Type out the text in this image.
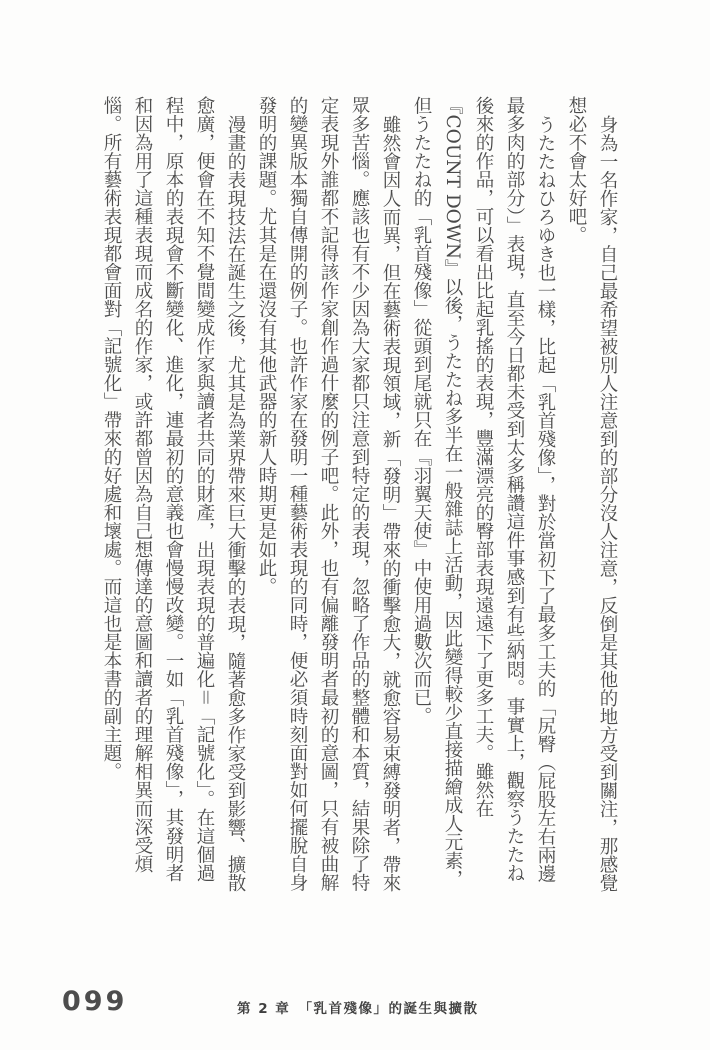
身為一名作家，自己最希望被別人注意到的部分沒人注意，反倒是其他的地方受到關注，那感覺想必不會太好吧。

うたたねひろゆき也一樣，比起「乳首殘像」，對於當初下了最多工夫的「尻臀（屁股左右兩邊最多肉的部分）」表現，直至今日都未受到太多稱讚這件事感到有些納悶。事實上，觀察うたたね後來的作品，可以看出比起乳搖的表現，豐滿漂亮的臀部表現遠遠下了更多工夫。雖然在『COUNT DOWN』以後，うたたね多半在一般雜誌上活動，因此變得較少直接描繪成人元素，但うたたね的「乳首殘像」從頭到尾就只在『羽翼天使』中使用過數次而已。

雖然會因人而異，但在藝術表現領域，新「發明」帶來的衝擊愈大，就愈容易束縛發明者，帶來眾多苦惱。應該也有不少因為大家都只注意到特定的表現，忽略了作品的整體和本質，結果除了特定表現外誰都不記得該作家創作過什麼的例子吧。此外，也有偏離發明者最初的意圖，只有被曲解的變異版本獨自傳開的例子。也許作家在發明一種藝術表現的同時，便必須時刻面對如何擺脫自身發明的課題。尤其是在還沒有其他武器的新人時期更是如此。

漫畫的表現技法在誕生之後，尤其是為業界帶來巨大衝擊的表現，隨著愈多作家受到影響、擴散愈廣，便會在不知不覺間變成作家與讀者共同的財產，出現表現的普遍化＝「記號化」。在這個過程中，原本的表現會不斷變化、進化，連最初的意義也會慢慢改變。一如「乳首殘像」，其發明者和因為用了這種表現而成名的作家，或許都曾因為自己想傳達的意圖和讀者的理解相異而深受煩惱。所有藝術表現都會面對「記號化」帶來的好處和壞處。而這也是本書的副主題。

099	第 2 章　「乳首殘像」的誕生與擴散
